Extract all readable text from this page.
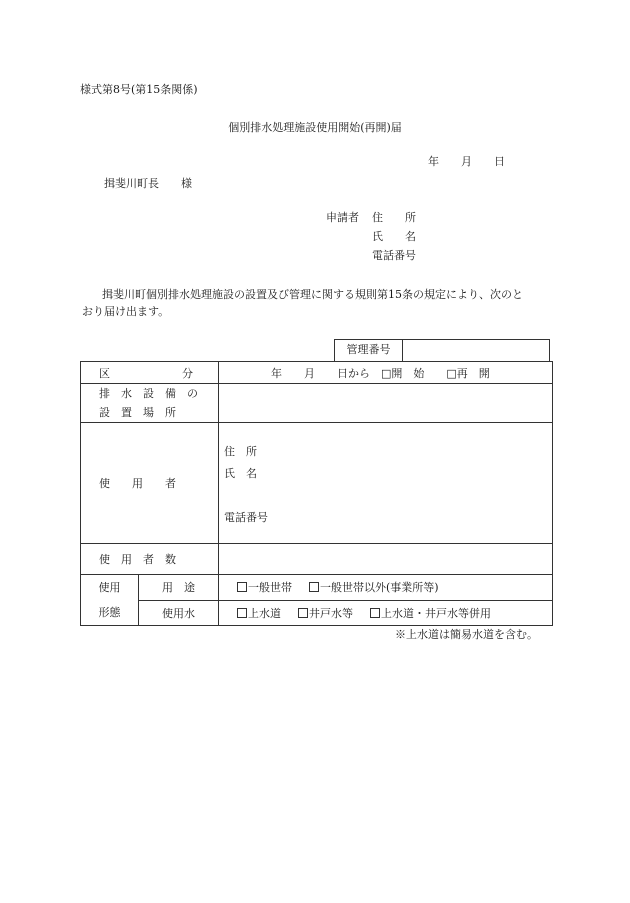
様式第8号(第15条関係)
個別排水処理施設使用開始(再開)届
年　　月　　日
揖斐川町長　　様
申請者 住　　所
氏　　名
電話番号
揖斐川町個別排水処理施設の設置及び管理に関する規則第15条の規定により、次のと
おり届け出ます。
管理番号
区 分		年　　月　　日から　□開　始　　□再　開

排　水　設　備　の
設　置　場　所		

使　　用　　者		住　所
氏　名
電話番号

使　用　者　数		

使用
形態	用　途	一般世帯 一般世帯以外(事業所等)
	使用水	上水道 井戸水等 上水道・井戸水等併用
※上水道は簡易水道を含む。
